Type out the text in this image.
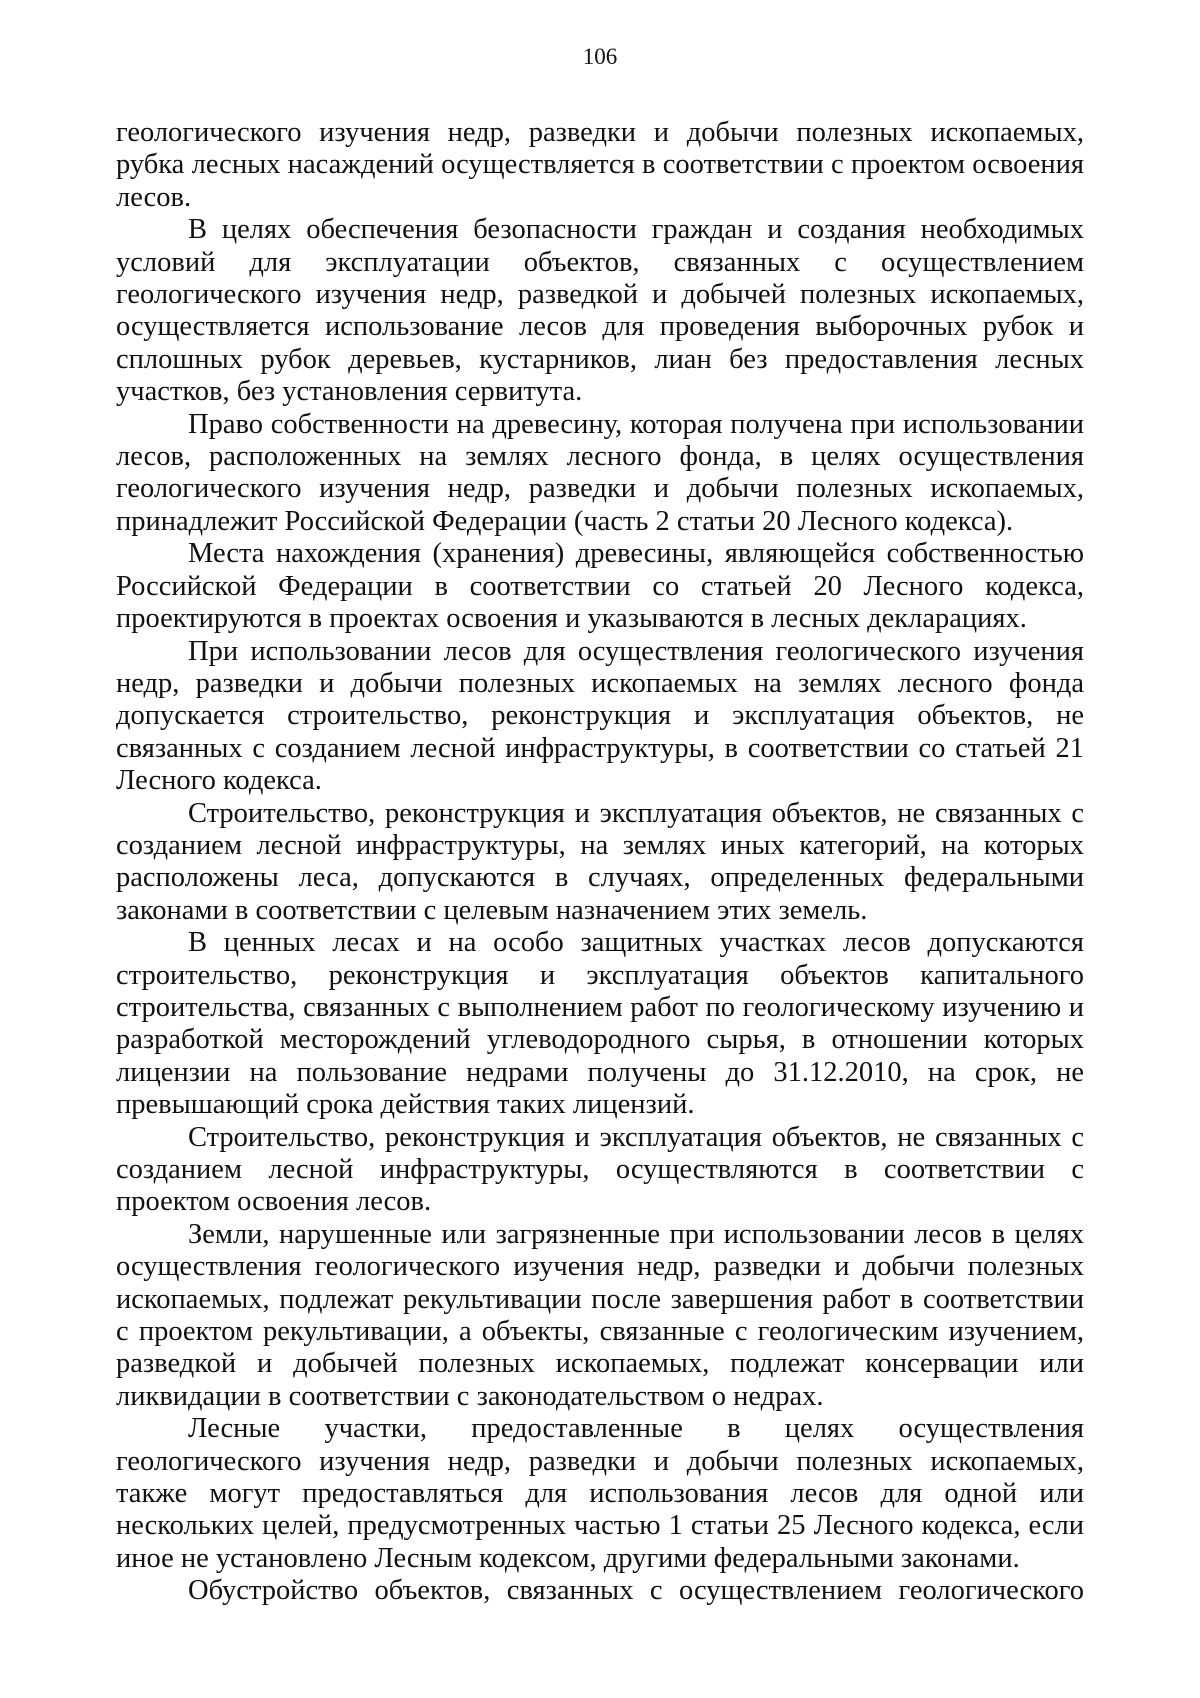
106

геологического изучения недр, разведки и добычи полезных ископаемых, рубка лесных насаждений осуществляется в соответствии с проектом освоения лесов.

В целях обеспечения безопасности граждан и создания необходимых условий для эксплуатации объектов, связанных с осуществлением геологического изучения недр, разведкой и добычей полезных ископаемых, осуществляется использование лесов для проведения выборочных рубок и сплошных рубок деревьев, кустарников, лиан без предоставления лесных участков, без установления сервитута.

Право собственности на древесину, которая получена при использовании лесов, расположенных на землях лесного фонда, в целях осуществления геологического изучения недр, разведки и добычи полезных ископаемых, принадлежит Российской Федерации (часть 2 статьи 20 Лесного кодекса).

Места нахождения (хранения) древесины, являющейся собственностью Российской Федерации в соответствии со статьей 20 Лесного кодекса, проектируются в проектах освоения и указываются в лесных декларациях.

При использовании лесов для осуществления геологического изучения недр, разведки и добычи полезных ископаемых на землях лесного фонда допускается строительство, реконструкция и эксплуатация объектов, не связанных с созданием лесной инфраструктуры, в соответствии со статьей 21 Лесного кодекса.

Строительство, реконструкция и эксплуатация объектов, не связанных с созданием лесной инфраструктуры, на землях иных категорий, на которых расположены леса, допускаются в случаях, определенных федеральными законами в соответствии с целевым назначением этих земель.

В ценных лесах и на особо защитных участках лесов допускаются строительство, реконструкция и эксплуатация объектов капитального строительства, связанных с выполнением работ по геологическому изучению и разработкой месторождений углеводородного сырья, в отношении которых лицензии на пользование недрами получены до 31.12.2010, на срок, не превышающий срока действия таких лицензий.

Строительство, реконструкция и эксплуатация объектов, не связанных с созданием лесной инфраструктуры, осуществляются в соответствии с проектом освоения лесов.

Земли, нарушенные или загрязненные при использовании лесов в целях осуществления геологического изучения недр, разведки и добычи полезных ископаемых, подлежат рекультивации после завершения работ в соответствии с проектом рекультивации, а объекты, связанные с геологическим изучением, разведкой и добычей полезных ископаемых, подлежат консервации или ликвидации в соответствии с законодательством о недрах.

Лесные участки, предоставленные в целях осуществления геологического изучения недр, разведки и добычи полезных ископаемых, также могут предоставляться для использования лесов для одной или нескольких целей, предусмотренных частью 1 статьи 25 Лесного кодекса, если иное не установлено Лесным кодексом, другими федеральными законами.

Обустройство объектов, связанных с осуществлением геологического
